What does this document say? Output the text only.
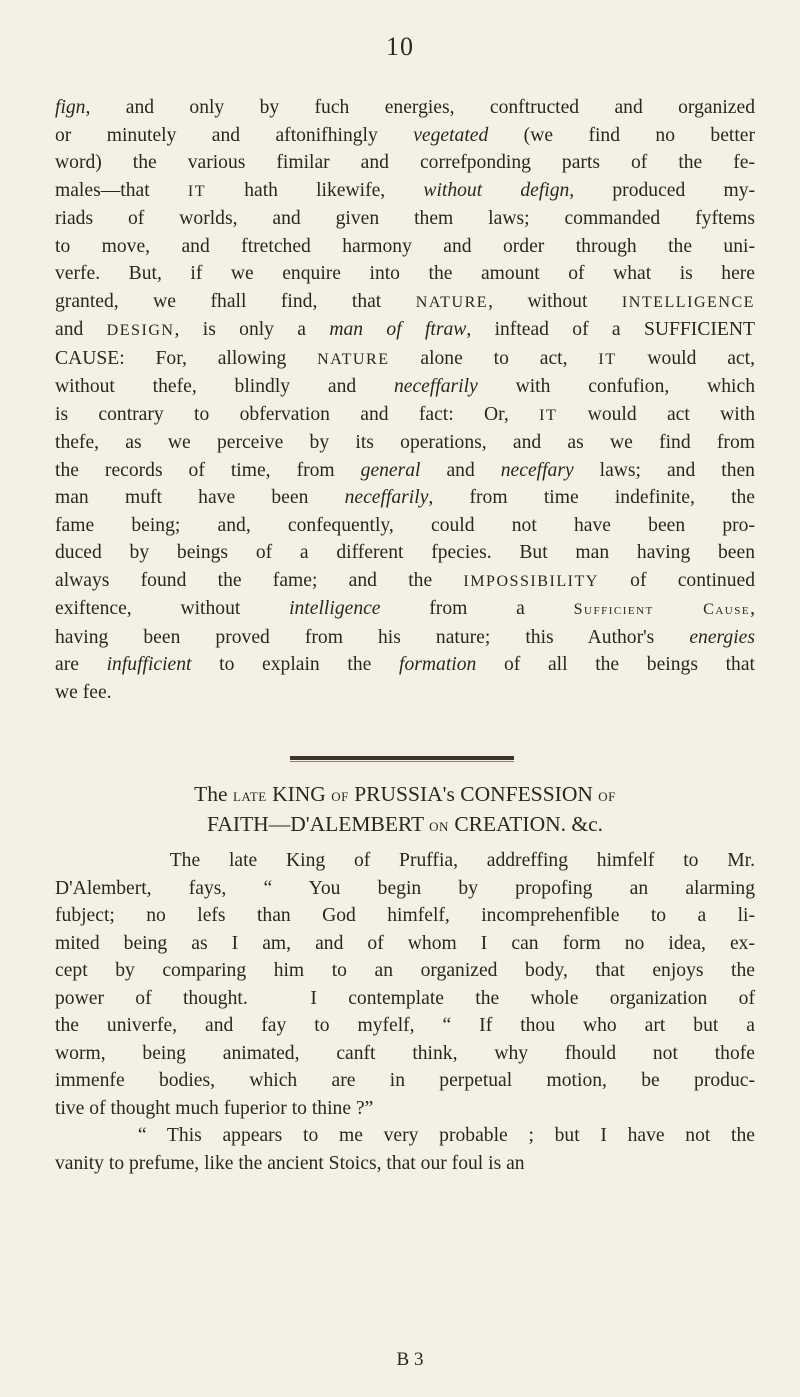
10
fign, and only by fuch energies, conftructed and organized
or minutely and aftonifhingly vegetated (we find no better
word) the various fimilar and correfponding parts of the fe-
males—that IT hath likewife, without defign, produced my-
riads of worlds, and given them laws; commanded fyftems
to move, and ftretched harmony and order through the uni-
verfe. But, if we enquire into the amount of what is here
granted, we fhall find, that NATURE, without INTELLIGENCE
and DESIGN, is only a man of ftraw, inftead of a SUFFICIENT
CAUSE: For, allowing NATURE alone to act, IT would act,
without thefe, blindly and neceffarily with confufion, which
is contrary to obfervation and fact: Or, IT would act with
thefe, as we perceive by its operations, and as we find from
the records of time, from general and neceffary laws; and then
man muft have been neceffarily, from time indefinite, the
fame being; and, confequently, could not have been pro-
duced by beings of a different fpecies. But man having been
always found the fame; and the IMPOSSIBILITY of continued
exiftence, without intelligence from a Sufficient Cause,
having been proved from his nature; this Author's energies
are infufficient to explain the formation of all the beings that
we fee.
The late KING of PRUSSIA's CONFESSION of
FAITH—D'ALEMBERT on CREATION. &c.
The late King of Pruffia, addreffing himfelf to Mr.
D'Alembert, fays, “ You begin by propofing an alarming
fubject; no lefs than God himfelf, incomprehenfible to a li-
mited being as I am, and of whom I can form no idea, ex-
cept by comparing him to an organized body, that enjoys the
power of thought.  I contemplate the whole organization of
the univerfe, and fay to myfelf, “ If thou who art but a
worm, being animated, canft think, why fhould not thofe
immenfe bodies, which are in perpetual motion, be produc-
tive of thought much fuperior to thine ?”
“ This appears to me very probable ; but I have not the
vanity to prefume, like the ancient Stoics, that our foul is an
B 3
